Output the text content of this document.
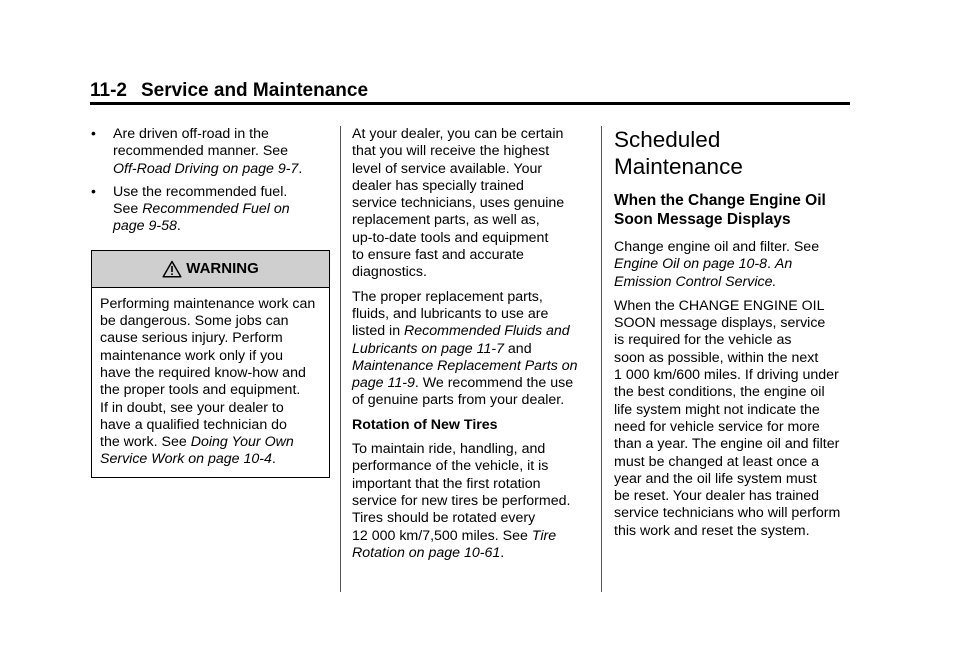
11-2 Service and Maintenance
• Are driven off-road in the
recommended manner. See
Off-Road Driving on page 9-7.
• Use the recommended fuel.
See Recommended Fuel on
page 9-58.
WARNING
Performing maintenance work can
be dangerous. Some jobs can
cause serious injury. Perform
maintenance work only if you
have the required know-how and
the proper tools and equipment.
If in doubt, see your dealer to
have a qualified technician do
the work. See Doing Your Own
Service Work on page 10-4.

At your dealer, you can be certain
that you will receive the highest
level of service available. Your
dealer has specially trained
service technicians, uses genuine
replacement parts, as well as,
up-to-date tools and equipment
to ensure fast and accurate
diagnostics.

The proper replacement parts,
fluids, and lubricants to use are
listed in Recommended Fluids and
Lubricants on page 11-7 and
Maintenance Replacement Parts on
page 11-9. We recommend the use
of genuine parts from your dealer.

Rotation of New Tires

To maintain ride, handling, and
performance of the vehicle, it is
important that the first rotation
service for new tires be performed.
Tires should be rotated every
12 000 km/7,500 miles. See Tire
Rotation on page 10-61.

Scheduled
Maintenance
When the Change Engine Oil
Soon Message Displays

Change engine oil and filter. See
Engine Oil on page 10-8. An
Emission Control Service.

When the CHANGE ENGINE OIL
SOON message displays, service
is required for the vehicle as
soon as possible, within the next
1 000 km/600 miles. If driving under
the best conditions, the engine oil
life system might not indicate the
need for vehicle service for more
than a year. The engine oil and filter
must be changed at least once a
year and the oil life system must
be reset. Your dealer has trained
service technicians who will perform
this work and reset the system.
